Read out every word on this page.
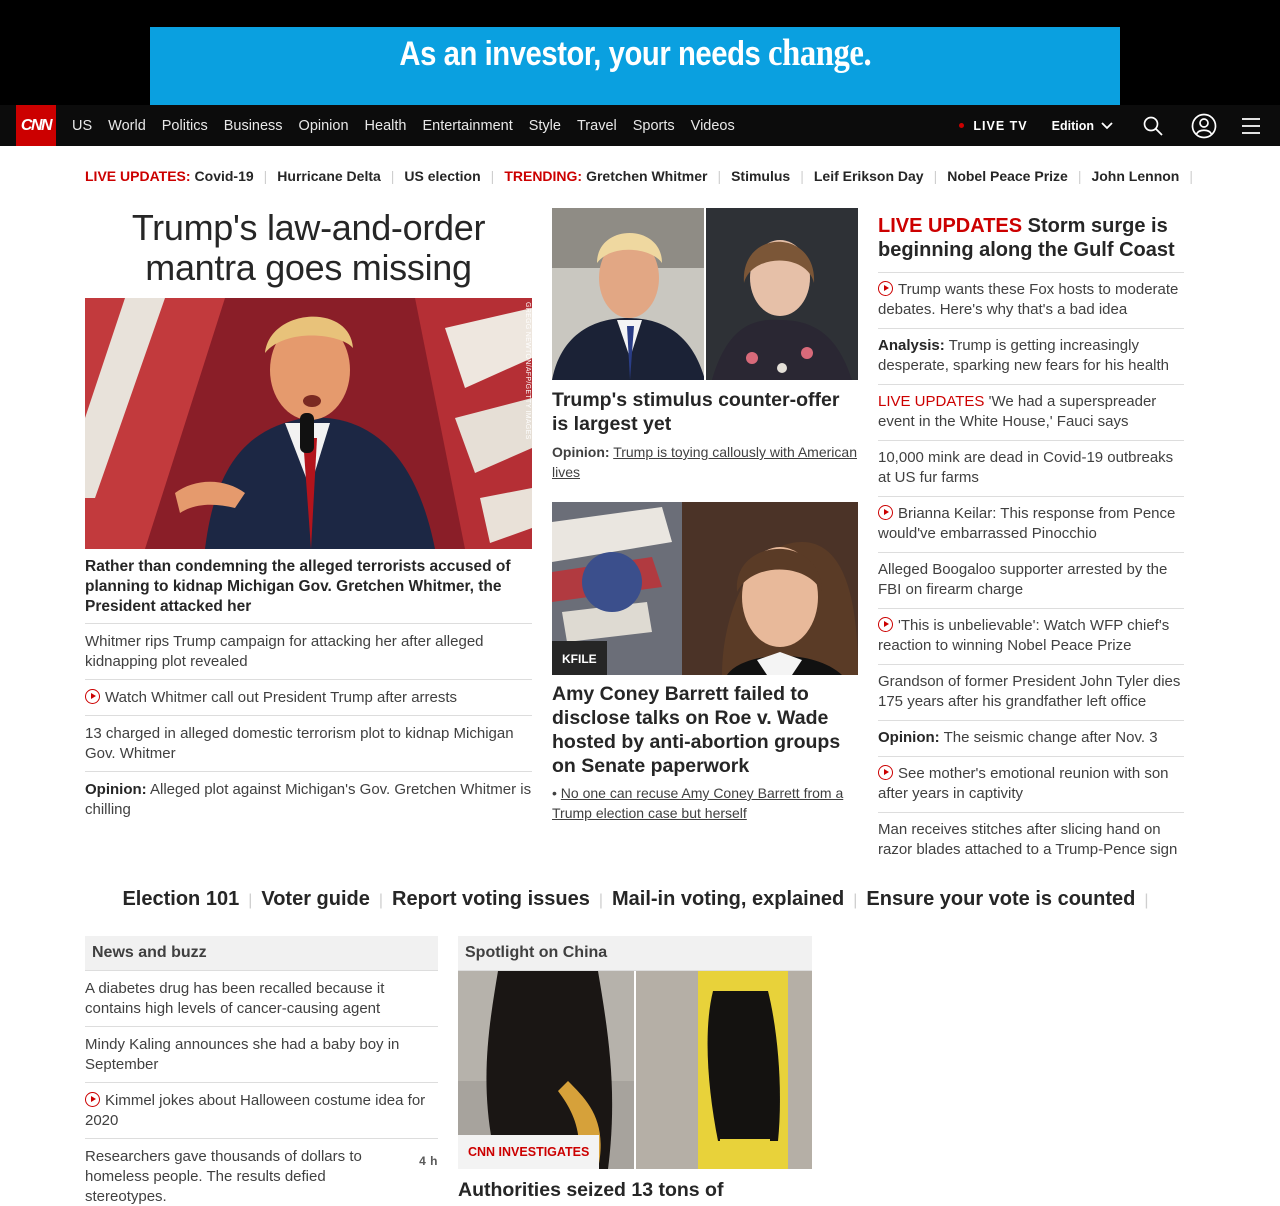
As an investor, your needs change.
CNN	US World Politics Business Opinion Health Entertainment Style Travel Sports Videos	LIVE TV Edition
LIVE UPDATES: Covid-19 | Hurricane Delta | US election | TRENDING: Gretchen Whitmer | Stimulus | Leif Erikson Day | Nobel Peace Prize | John Lennon |
Trump's law-and-order mantra goes missing
GREGG NEWTON/AFP/GETTY IMAGES
Rather than condemning the alleged terrorists accused of planning to kidnap Michigan Gov. Gretchen Whitmer, the President attacked her
Whitmer rips Trump campaign for attacking her after alleged kidnapping plot revealed
Watch Whitmer call out President Trump after arrests
13 charged in alleged domestic terrorism plot to kidnap Michigan Gov. Whitmer
Opinion: Alleged plot against Michigan's Gov. Gretchen Whitmer is chilling
Trump's stimulus counter-offer is largest yet
Opinion: Trump is toying callously with American lives
KFILE
Amy Coney Barrett failed to disclose talks on Roe v. Wade hosted by anti-abortion groups on Senate paperwork
• No one can recuse Amy Coney Barrett from a Trump election case but herself
LIVE UPDATES Storm surge is beginning along the Gulf Coast
Trump wants these Fox hosts to moderate debates. Here's why that's a bad idea
Analysis: Trump is getting increasingly desperate, sparking new fears for his health
LIVE UPDATES 'We had a superspreader event in the White House,' Fauci says
10,000 mink are dead in Covid-19 outbreaks at US fur farms
Brianna Keilar: This response from Pence would've embarrassed Pinocchio
Alleged Boogaloo supporter arrested by the FBI on firearm charge
'This is unbelievable': Watch WFP chief's reaction to winning Nobel Peace Prize
Grandson of former President John Tyler dies 175 years after his grandfather left office
Opinion: The seismic change after Nov. 3
See mother's emotional reunion with son after years in captivity
Man receives stitches after slicing hand on razor blades attached to a Trump-Pence sign
Election 101 | Voter guide | Report voting issues | Mail-in voting, explained | Ensure your vote is counted |
News and buzz
A diabetes drug has been recalled because it contains high levels of cancer-causing agent
Mindy Kaling announces she had a baby boy in September
Kimmel jokes about Halloween costume idea for 2020
Researchers gave thousands of dollars to homeless people. The results defied stereotypes.
4 h
Spotlight on China
CNN INVESTIGATES
Authorities seized 13 tons of
